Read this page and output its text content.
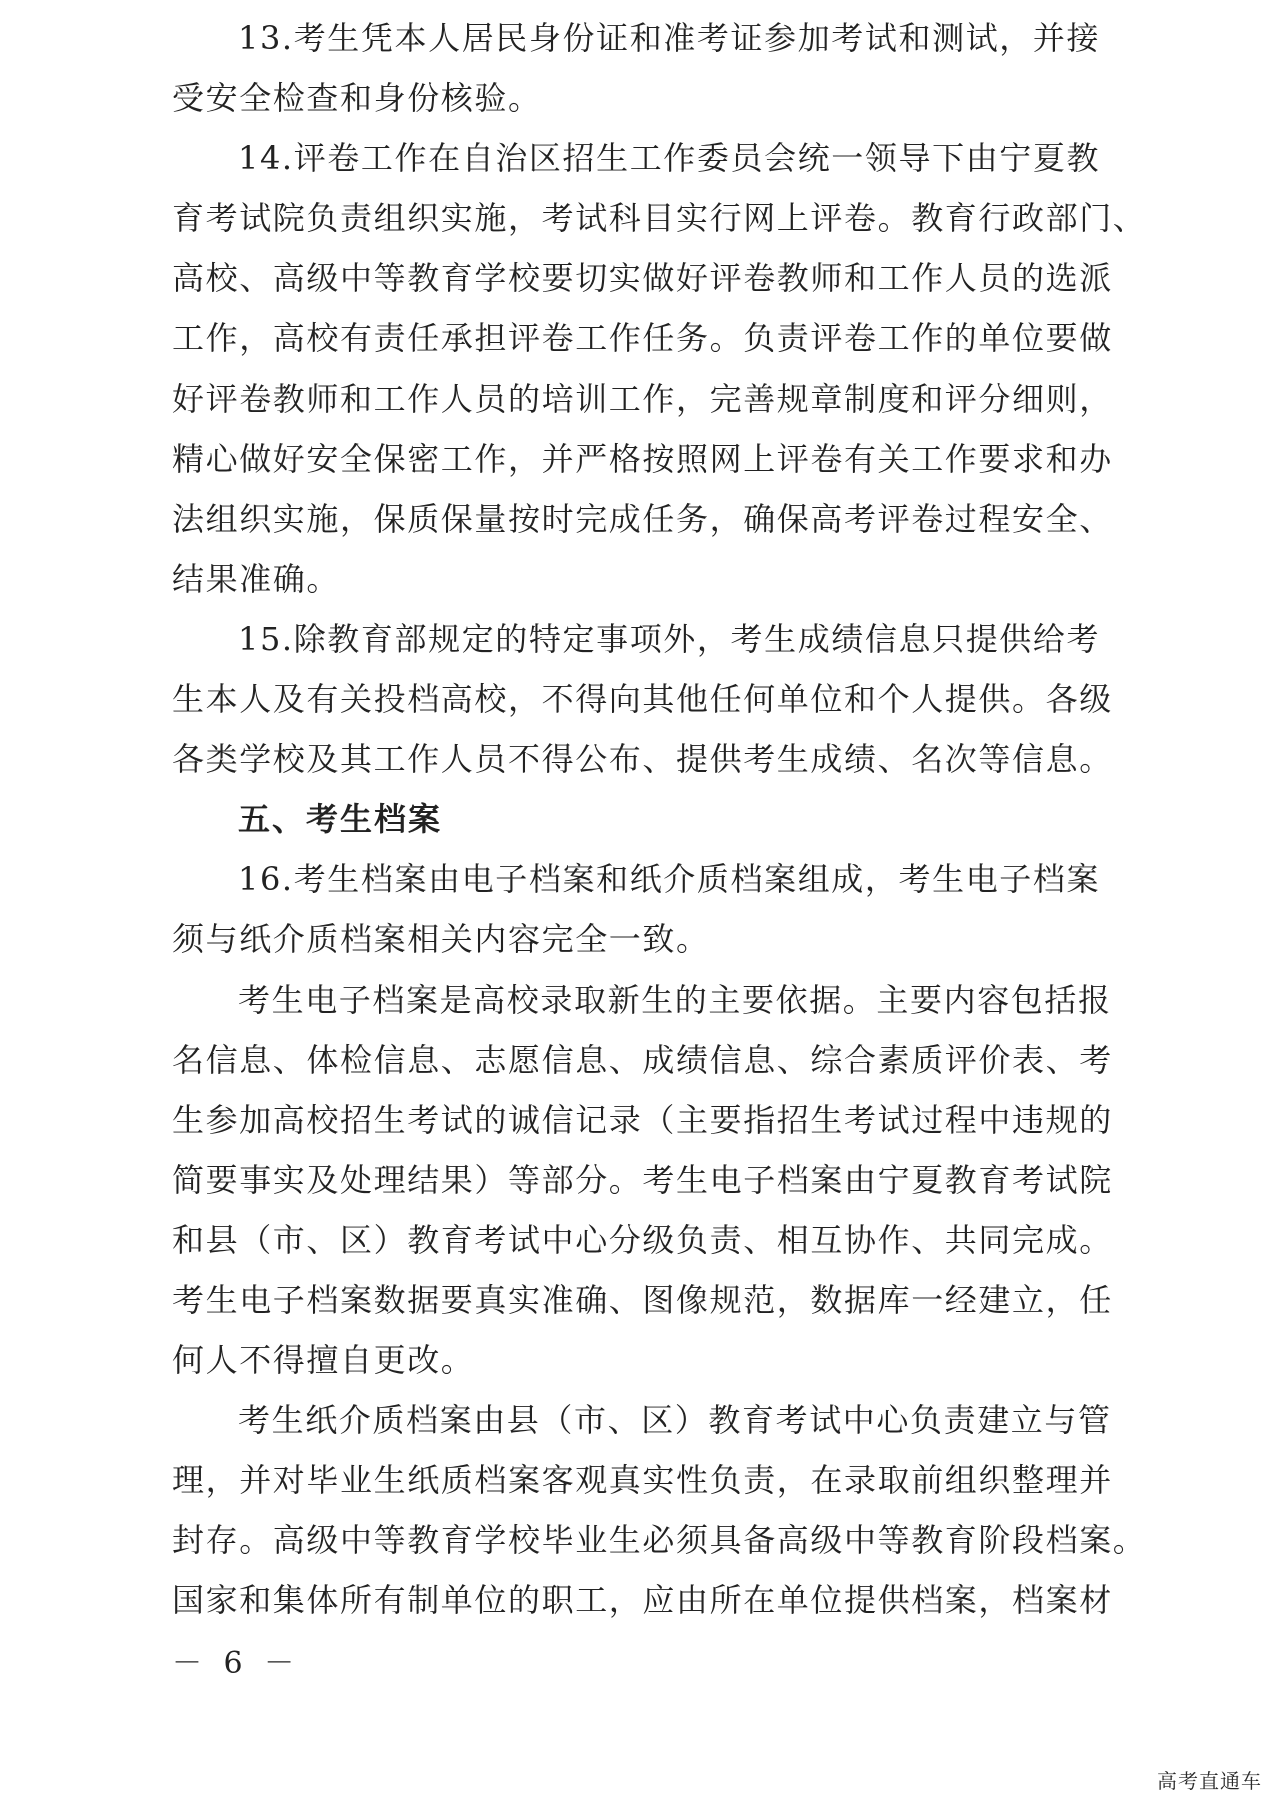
13.考生凭本人居民身份证和准考证参加考试和测试，并接
受安全检查和身份核验。
14.评卷工作在自治区招生工作委员会统一领导下由宁夏教
育考试院负责组织实施，考试科目实行网上评卷。教育行政部门、
高校、高级中等教育学校要切实做好评卷教师和工作人员的选派
工作，高校有责任承担评卷工作任务。负责评卷工作的单位要做
好评卷教师和工作人员的培训工作，完善规章制度和评分细则，
精心做好安全保密工作，并严格按照网上评卷有关工作要求和办
法组织实施，保质保量按时完成任务，确保高考评卷过程安全、
结果准确。
15.除教育部规定的特定事项外，考生成绩信息只提供给考
生本人及有关投档高校，不得向其他任何单位和个人提供。各级
各类学校及其工作人员不得公布、提供考生成绩、名次等信息。
五、考生档案
16.考生档案由电子档案和纸介质档案组成，考生电子档案
须与纸介质档案相关内容完全一致。
考生电子档案是高校录取新生的主要依据。主要内容包括报
名信息、体检信息、志愿信息、成绩信息、综合素质评价表、考
生参加高校招生考试的诚信记录（主要指招生考试过程中违规的
简要事实及处理结果）等部分。考生电子档案由宁夏教育考试院
和县（市、区）教育考试中心分级负责、相互协作、共同完成。
考生电子档案数据要真实准确、图像规范，数据库一经建立，任
何人不得擅自更改。
考生纸介质档案由县（市、区）教育考试中心负责建立与管
理，并对毕业生纸质档案客观真实性负责，在录取前组织整理并
封存。高级中等教育学校毕业生必须具备高级中等教育阶段档案。
国家和集体所有制单位的职工，应由所在单位提供档案，档案材
－ 6 －
高考直通车
